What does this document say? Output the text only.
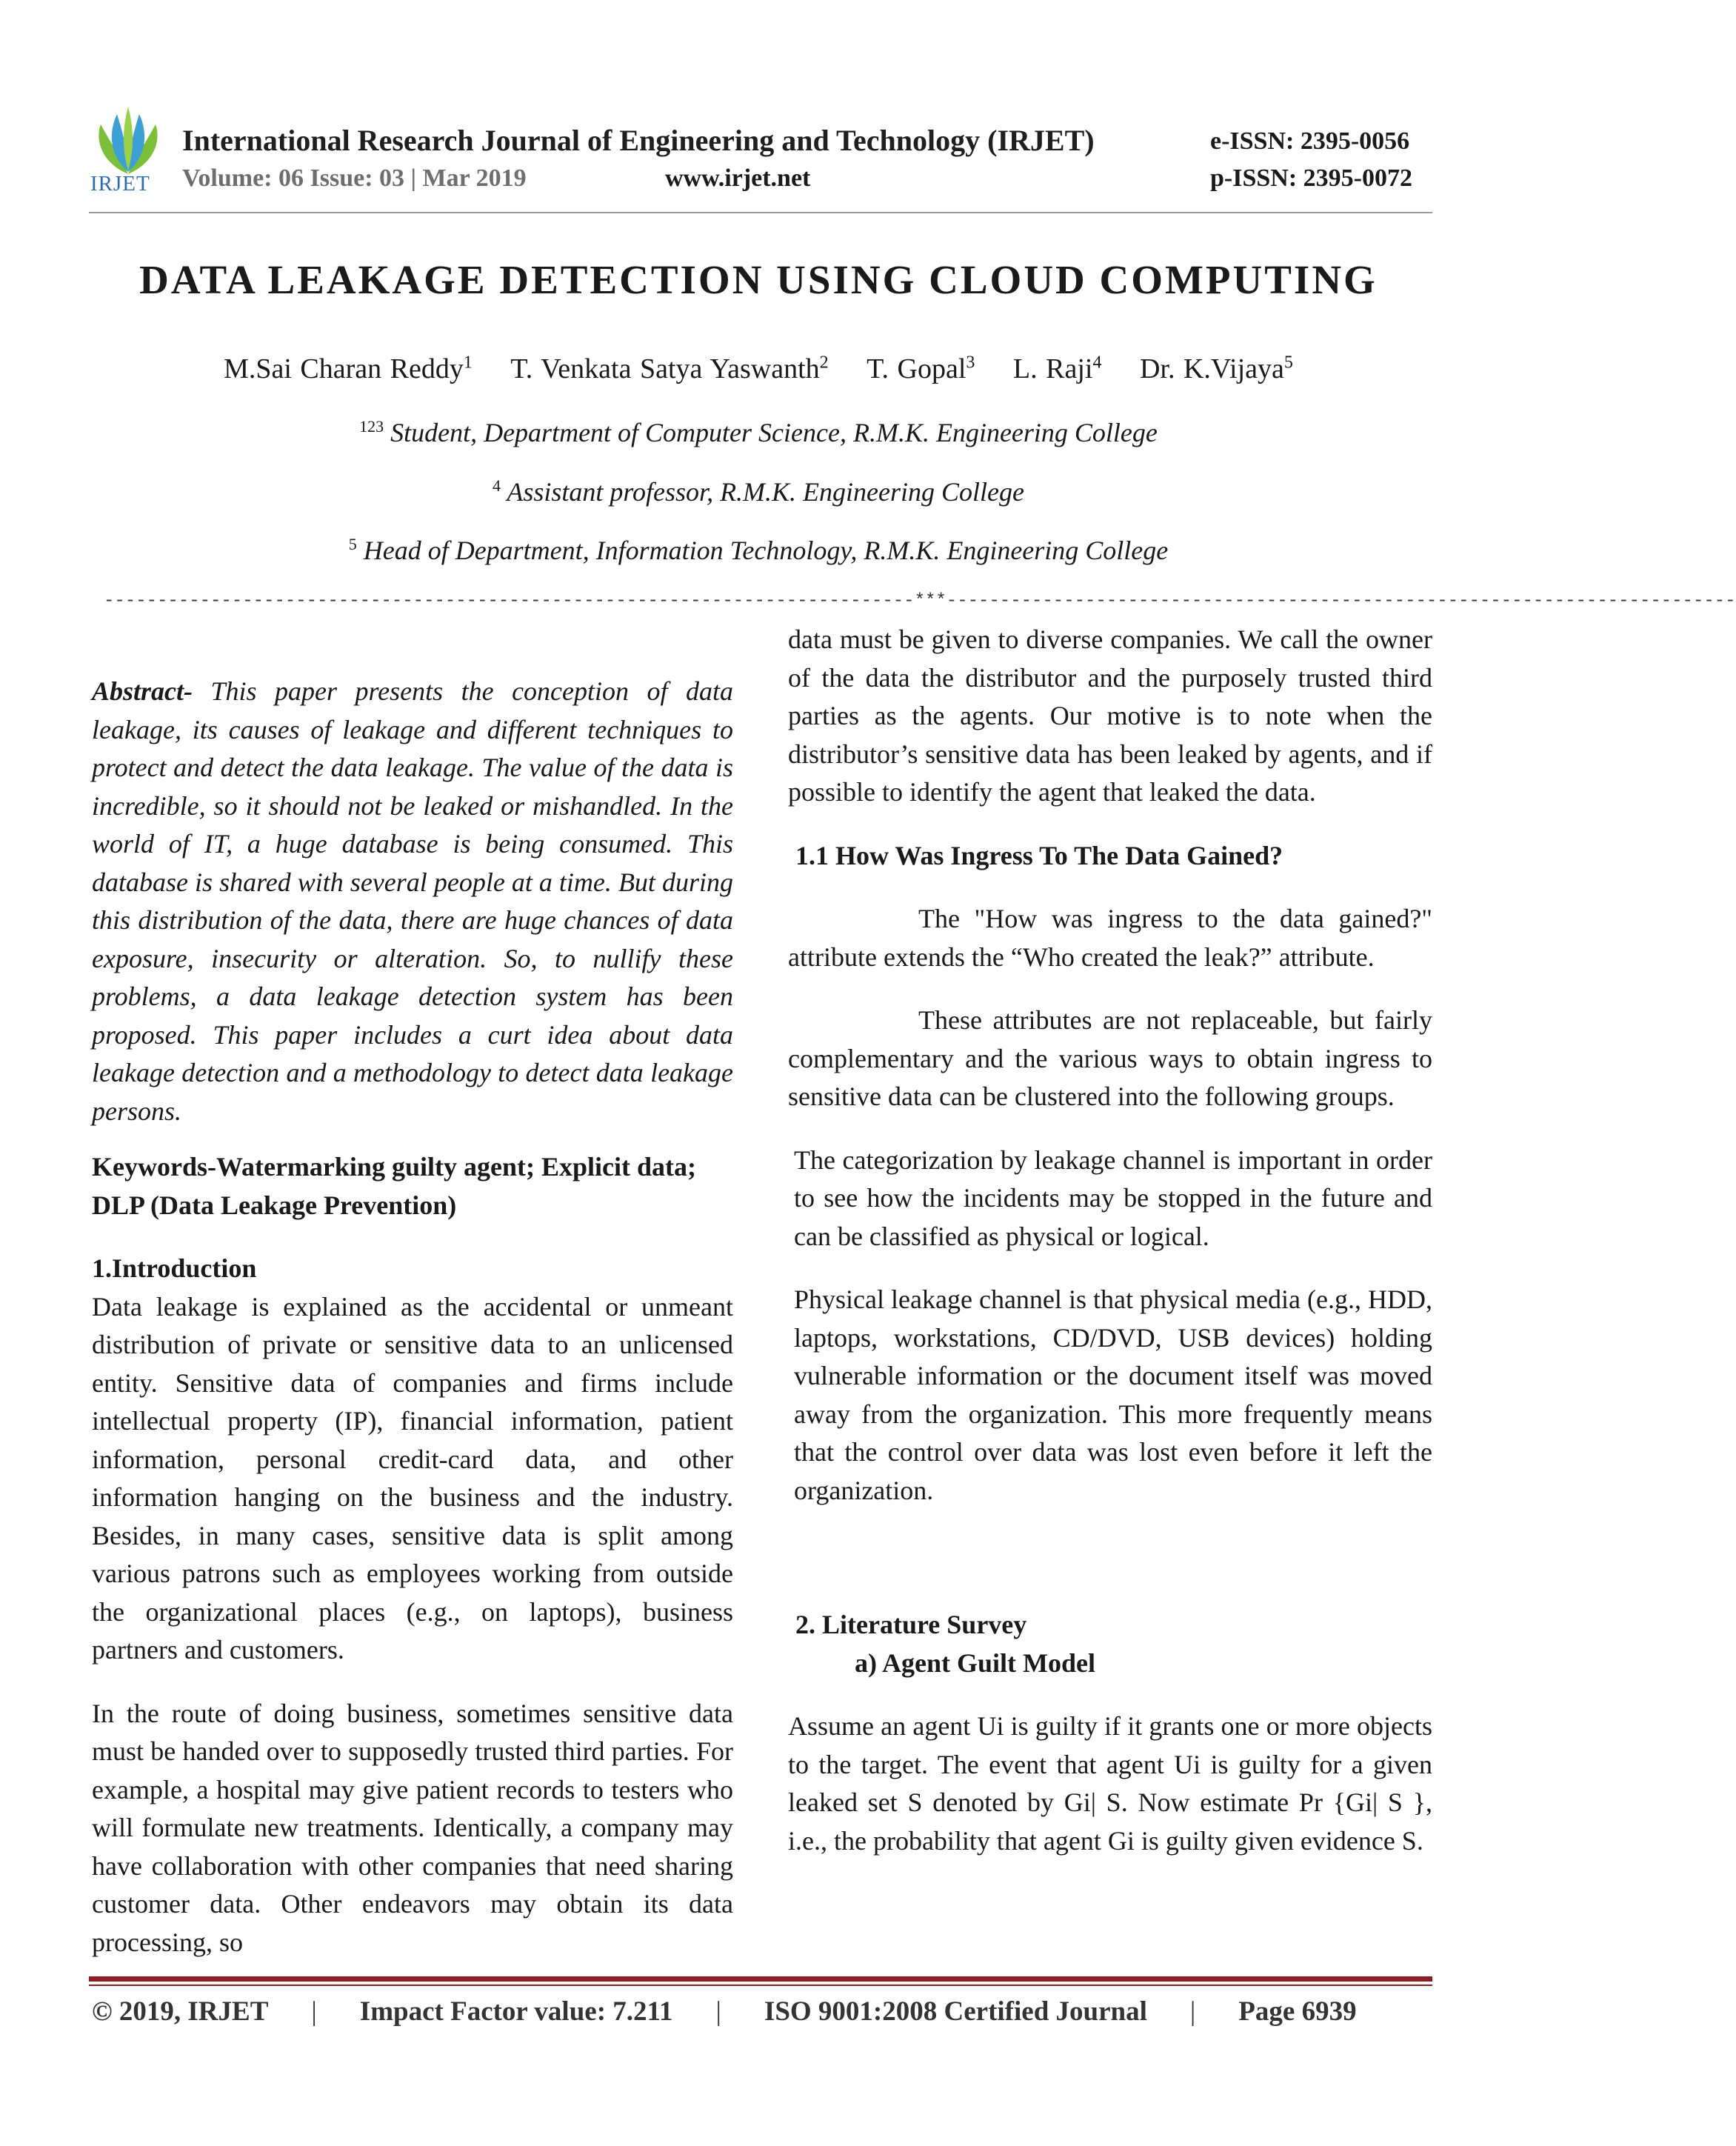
IRJET
International Research Journal of Engineering and Technology (IRJET)	e-ISSN: 2395-0056
Volume: 06 Issue: 03 | Mar 2019	www.irjet.net	p-ISSN: 2395-0072
DATA LEAKAGE DETECTION USING CLOUD COMPUTING
M.Sai Charan Reddy$^1$ T. Venkata Satya Yaswanth$^2$ T. Gopal$^3$ L. Raji$^4$ Dr. K.Vijaya$^5$
$^{123}$ Student, Department of Computer Science, R.M.K. Engineering College
$^4$ Assistant professor, R.M.K. Engineering College
$^5$ Head of Department, Information Technology, R.M.K. Engineering College
----------------------------------------------------------------------------***--------------------------------------------------------------------------

Abstract- This paper presents the conception of data leakage, its causes of leakage and different techniques to protect and detect the data leakage. The value of the data is incredible, so it should not be leaked or mishandled. In the world of IT, a huge database is being consumed. This database is shared with several people at a time. But during this distribution of the data, there are huge chances of data exposure, insecurity or alteration. So, to nullify these problems, a data leakage detection system has been proposed. This paper includes a curt idea about data leakage detection and a methodology to detect data leakage persons.

Keywords-Watermarking guilty agent; Explicit data; DLP (Data Leakage Prevention)

1.Introduction

Data leakage is explained as the accidental or unmeant distribution of private or sensitive data to an unlicensed entity. Sensitive data of companies and firms include intellectual property (IP), financial information, patient information, personal credit-card data, and other information hanging on the business and the industry. Besides, in many cases, sensitive data is split among various patrons such as employees working from outside the organizational places (e.g., on laptops), business partners and customers.

In the route of doing business, sometimes sensitive data must be handed over to supposedly trusted third parties. For example, a hospital may give patient records to testers who will formulate new treatments. Identically, a company may have collaboration with other companies that need sharing customer data. Other endeavors may obtain its data processing, so

data must be given to diverse companies. We call the owner of the data the distributor and the purposely trusted third parties as the agents. Our motive is to note when the distributor’s sensitive data has been leaked by agents, and if possible to identify the agent that leaked the data.

1.1 How Was Ingress To The Data Gained?

The "How was ingress to the data gained?" attribute extends the “Who created the leak?” attribute.

These attributes are not replaceable, but fairly complementary and the various ways to obtain ingress to sensitive data can be clustered into the following groups.

The categorization by leakage channel is important in order to see how the incidents may be stopped in the future and can be classified as physical or logical.

Physical leakage channel is that physical media (e.g., HDD, laptops, workstations, CD/DVD, USB devices) holding vulnerable information or the document itself was moved away from the organization. This more frequently means that the control over data was lost even before it left the organization.

2. Literature Survey

a) Agent Guilt Model

Assume an agent Ui is guilty if it grants one or more objects to the target. The event that agent Ui is guilty for a given leaked set S denoted by Gi| S. Now estimate Pr {Gi| S }, i.e., the probability that agent Gi is guilty given evidence S.

© 2019, IRJET | Impact Factor value: 7.211 | ISO 9001:2008 Certified Journal | Page 6939
